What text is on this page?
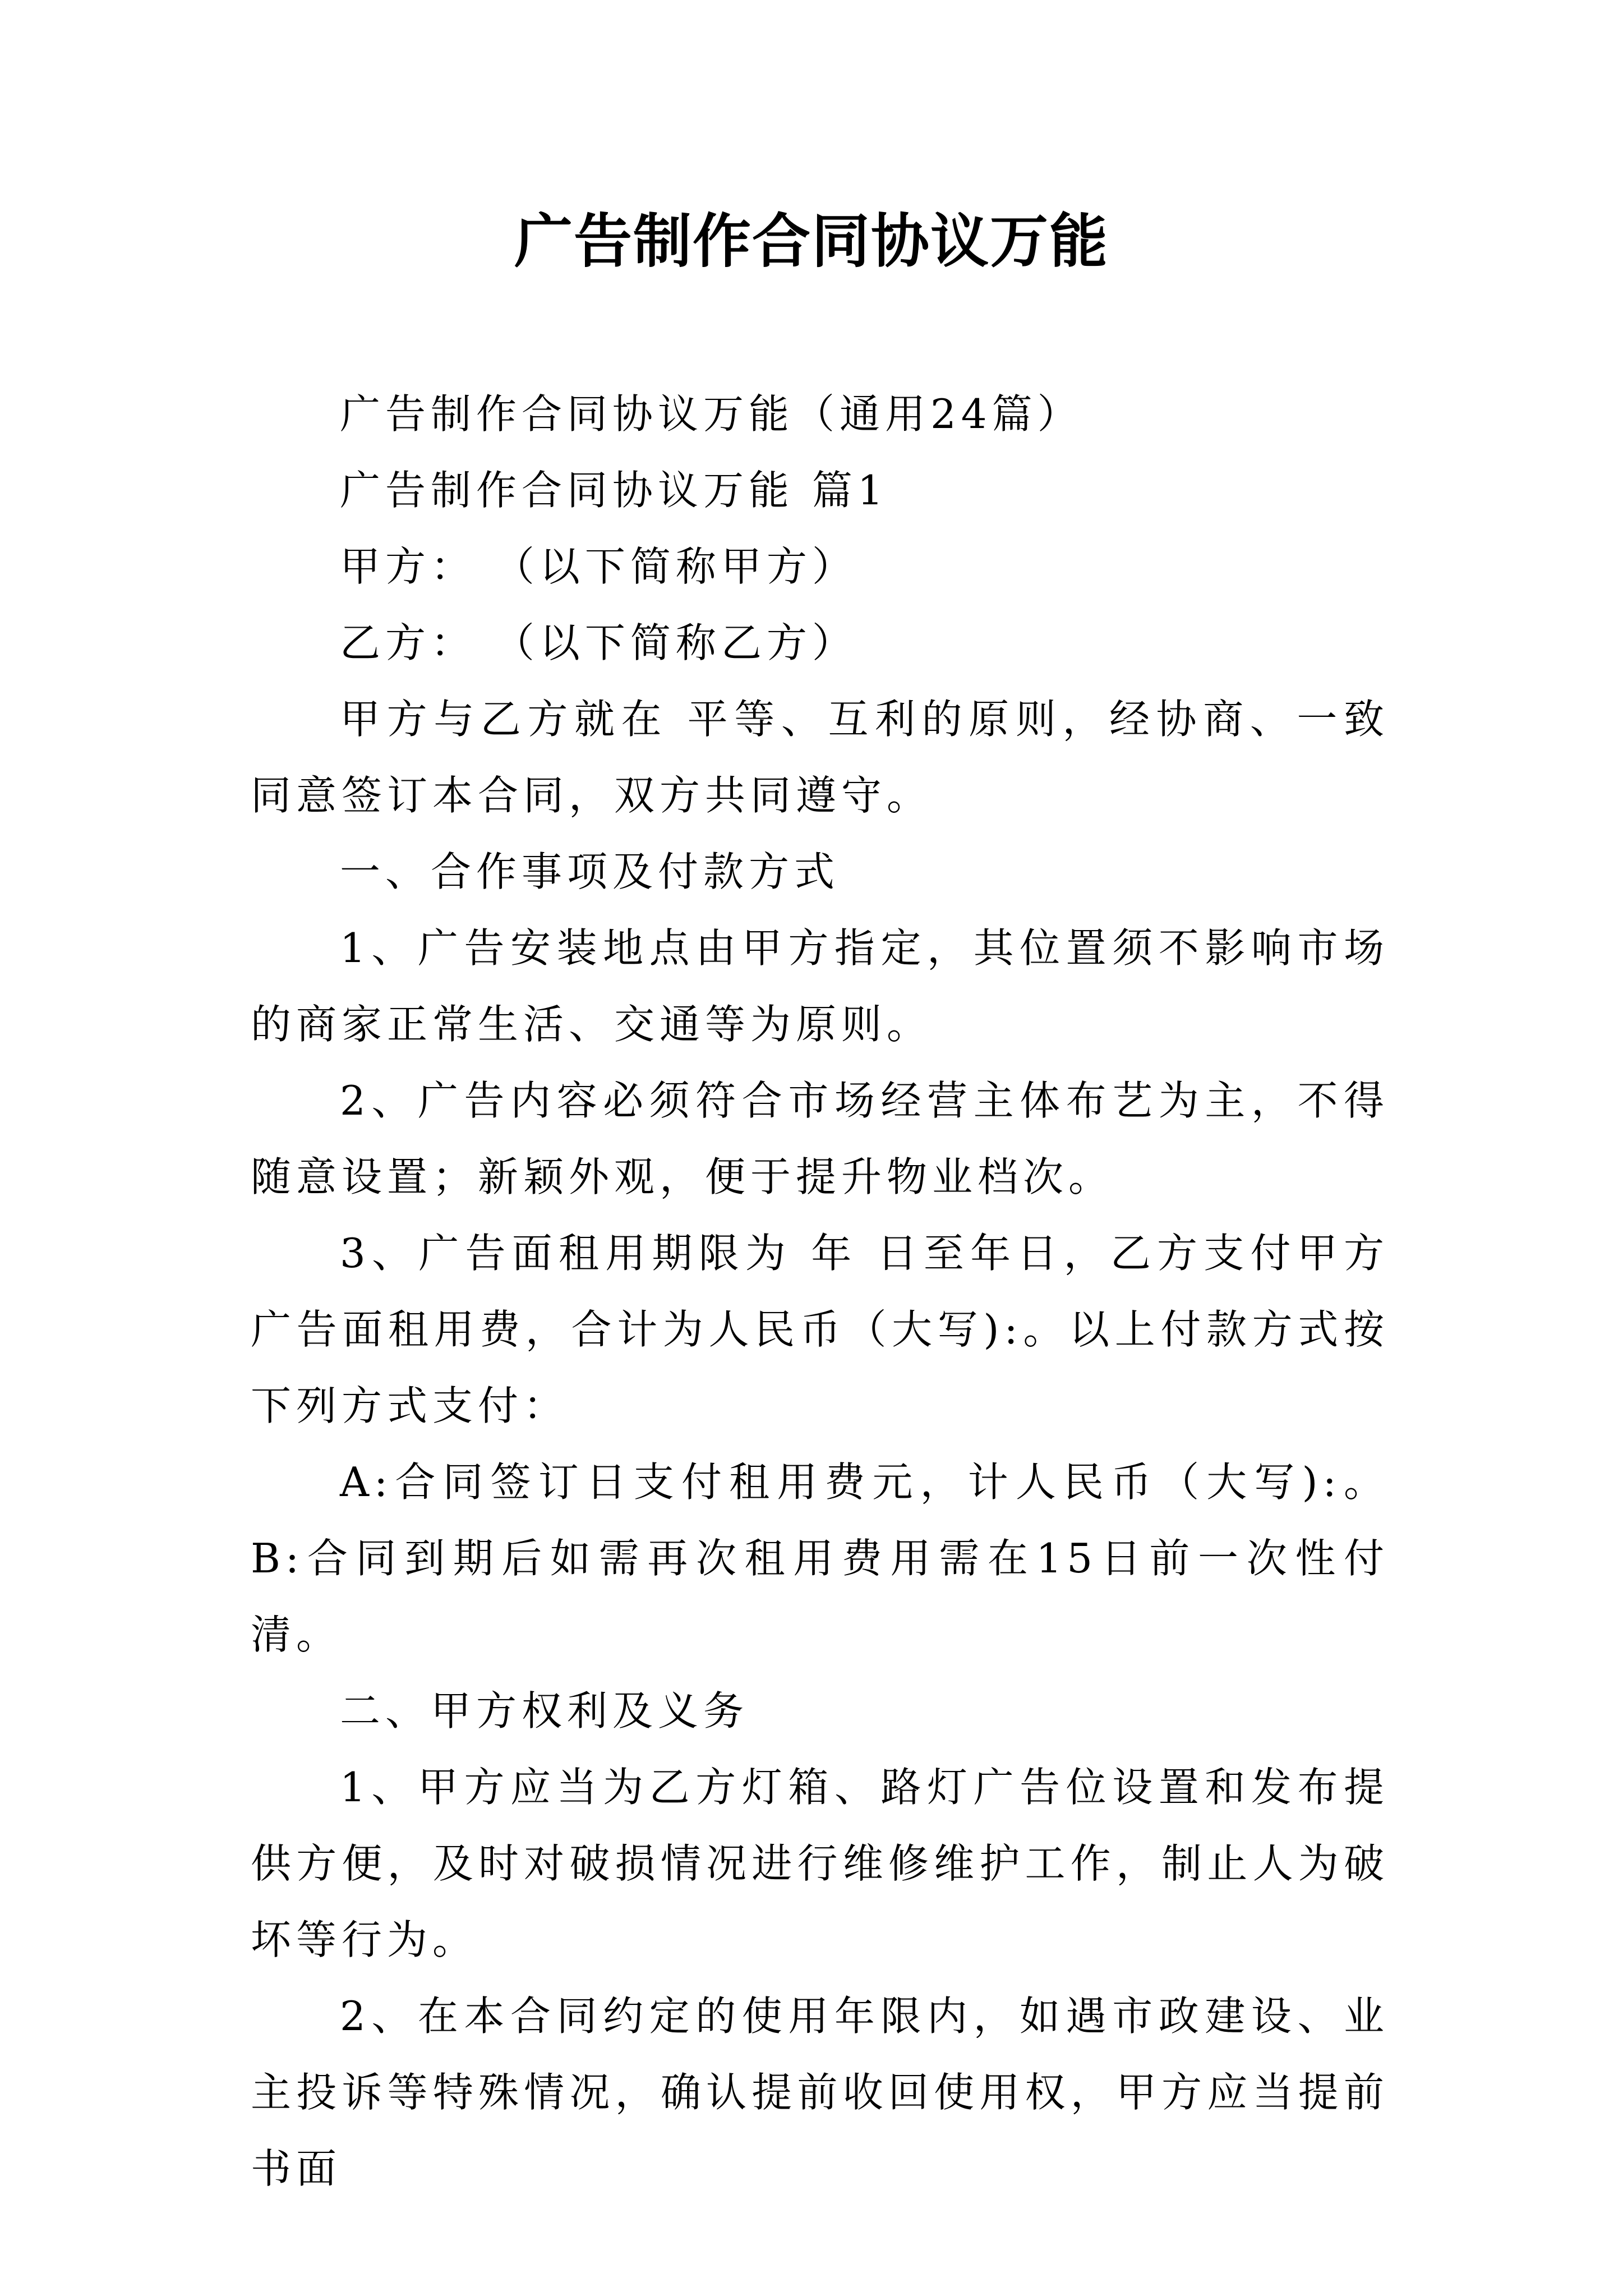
广告制作合同协议万能

广告制作合同协议万能（通用24篇）

广告制作合同协议万能 篇1

甲方： （以下简称甲方）

乙方： （以下简称乙方）

甲方与乙方就在 平等、互利的原则，经协商、一致同意签订本合同，双方共同遵守。

一、合作事项及付款方式

1、广告安装地点由甲方指定，其位置须不影响市场的商家正常生活、交通等为原则。

2、广告内容必须符合市场经营主体布艺为主，不得随意设置；新颖外观，便于提升物业档次。

3、广告面租用期限为 年 日至年日，乙方支付甲方广告面租用费，合计为人民币（大写):。以上付款方式按下列方式支付：

A:合同签订日支付租用费元，计人民币（大写):。B:合同到期后如需再次租用费用需在15日前一次性付清。

二、甲方权利及义务

1、甲方应当为乙方灯箱、路灯广告位设置和发布提供方便，及时对破损情况进行维修维护工作，制止人为破坏等行为。

2、在本合同约定的使用年限内，如遇市政建设、业主投诉等特殊情况，确认提前收回使用权，甲方应当提前书面
